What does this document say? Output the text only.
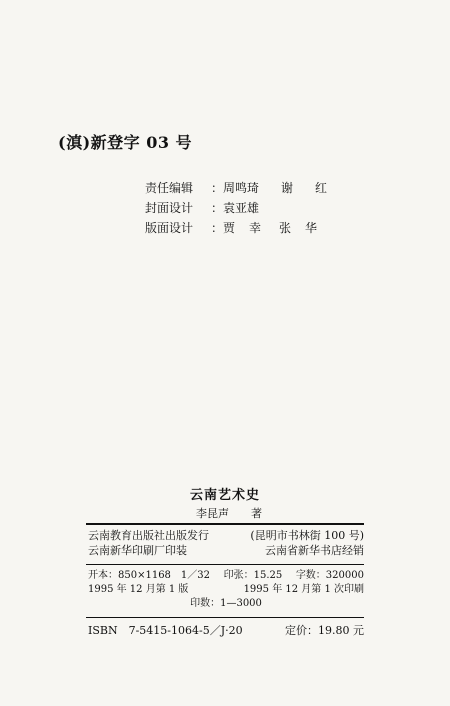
(滇)新登字 03 号
责任编辑	： 周鸣琦 谢 红
封面设计	： 袁亚雄
版面设计	： 贾 幸 张 华
云南艺术史
李昆声 著
云南教育出版社出版发行	(昆明市书林街 100 号)
云南新华印刷厂印装	云南省新华书店经销
开本：850×1168　1／32 印张：15.25 字数：320000
1995 年 12 月第 1 版	1995 年 12 月第 1 次印刷
印数：1—3000
ISBN　7-5415-1064-5／J·20	定价：19.80 元
